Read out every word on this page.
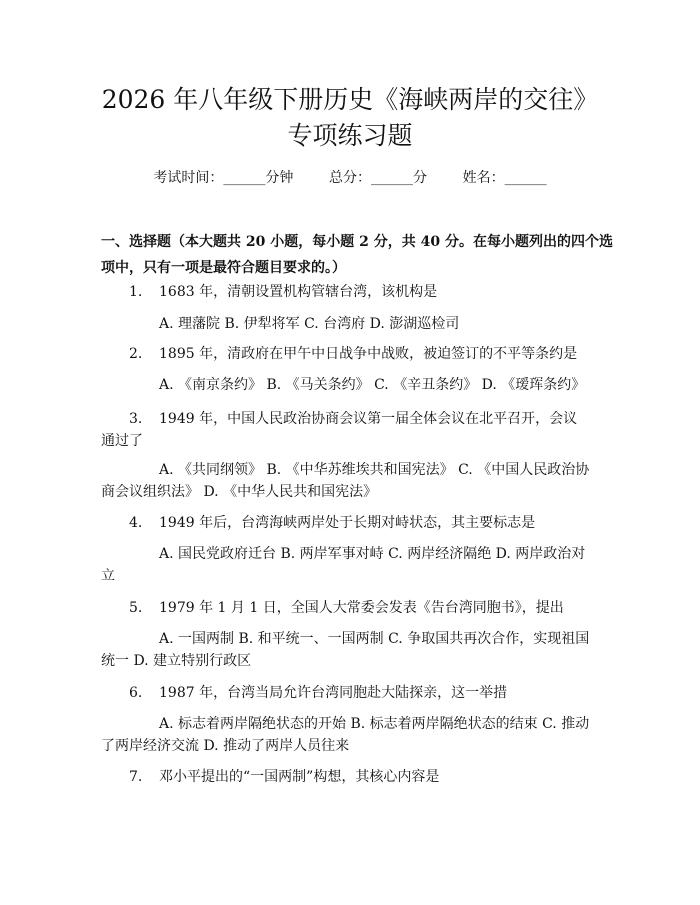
2026 年八年级下册历史《海峡两岸的交往》
专项练习题
考试时间：______分钟	总分：______分	姓名：______
一、选择题（本大题共 20 小题，每小题 2 分，共 40 分。在每小题列出的四个选项中，只有一项是最符合题目要求的。）
1. 1683 年，清朝设置机构管辖台湾，该机构是
A. 理藩院 B. 伊犁将军 C. 台湾府 D. 澎湖巡检司
2. 1895 年，清政府在甲午中日战争中战败，被迫签订的不平等条约是
A. 《南京条约》 B. 《马关条约》 C. 《辛丑条约》 D. 《瑷珲条约》
3. 1949 年，中国人民政治协商会议第一届全体会议在北平召开，会议通过了
A. 《共同纲领》 B. 《中华苏维埃共和国宪法》 C. 《中国人民政治协商会议组织法》 D. 《中华人民共和国宪法》
4. 1949 年后，台湾海峡两岸处于长期对峙状态，其主要标志是
A. 国民党政府迁台 B. 两岸军事对峙 C. 两岸经济隔绝 D. 两岸政治对立
5. 1979 年 1 月 1 日，全国人大常委会发表《告台湾同胞书》，提出
A. 一国两制 B. 和平统一、一国两制 C. 争取国共再次合作，实现祖国统一 D. 建立特别行政区
6. 1987 年，台湾当局允许台湾同胞赴大陆探亲，这一举措
A. 标志着两岸隔绝状态的开始 B. 标志着两岸隔绝状态的结束 C. 推动了两岸经济交流 D. 推动了两岸人员往来
7. 邓小平提出的“一国两制”构想，其核心内容是
